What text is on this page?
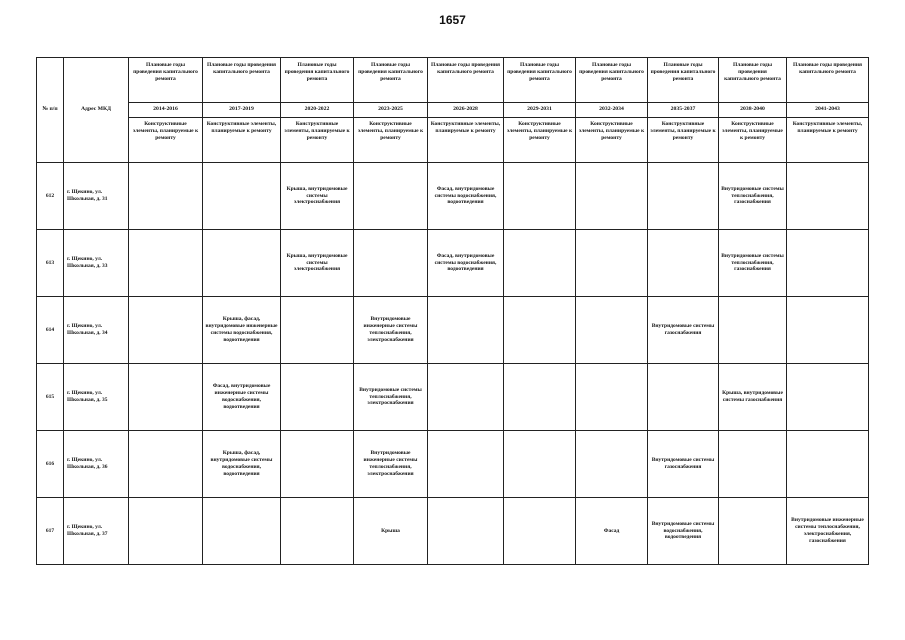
1657
№ п/п	Адрес МКД	Плановые годы проведения капитального ремонта	Плановые годы проведения капитального ремонта	Плановые годы проведения капитального ремонта	Плановые годы проведения капитального ремонта	Плановые годы проведения капитального ремонта	Плановые годы проведения капитального ремонта	Плановые годы проведения капитального ремонта	Плановые годы проведения капитального ремонта	Плановые годы проведения капитального ремонта	Плановые годы проведения капитального ремонта
		2014-2016	2017-2019	2020-2022	2023-2025	2026-2028	2029-2031	2032-2034	2035-2037	2038-2040	2041-2043
		Конструктивные элементы, планируемые к ремонту	Конструктивные элементы, планируемые к ремонту	Конструктивные элементы, планируемые к ремонту	Конструктивные элементы, планируемые к ремонту	Конструктивные элементы, планируемые к ремонту	Конструктивные элементы, планируемые к ремонту	Конструктивные элементы, планируемые к ремонту	Конструктивные элементы, планируемые к ремонту	Конструктивные элементы, планируемые к ремонту	Конструктивные элементы, планируемые к ремонту
612	г. Щекино, ул. Школьная, д. 31			Крыша, внутридомовые системы электроснабжения		Фасад, внутридомовые системы водоснабжения, водоотведения				Внутридомовые системы теплоснабжения, газоснабжения	
613	г. Щекино, ул. Школьная, д. 33			Крыша, внутридомовые системы электроснабжения		Фасад, внутридомовые системы водоснабжения, водоотведения				Внутридомовые системы теплоснабжения, газоснабжения	
614	г. Щекино, ул. Школьная, д. 34		Крыша, фасад, внутридомовые инженерные системы водоснабжения, водоотведения		Внутридомовые инженерные системы теплоснабжения, электроснабжения				Внутридомовые системы газоснабжения		
615	г. Щекино, ул. Школьная, д. 35		Фасад, внутридомовые инженерные системы водоснабжения, водоотведения		Внутридомовые системы теплоснабжения, электроснабжения					Крыша, внутридомовые системы газоснабжения	
616	г. Щекино, ул. Школьная, д. 36		Крыша, фасад, внутридомовые системы водоснабжения, водоотведения		Внутридомовые инженерные системы теплоснабжения, электроснабжения				Внутридомовые системы газоснабжения		
617	г. Щекино, ул. Школьная, д. 37				Крыша			Фасад	Внутридомовые системы водоснабжения, водоотведения		Внутридомовые инженерные системы теплоснабжения, электроснабжения, газоснабжения
